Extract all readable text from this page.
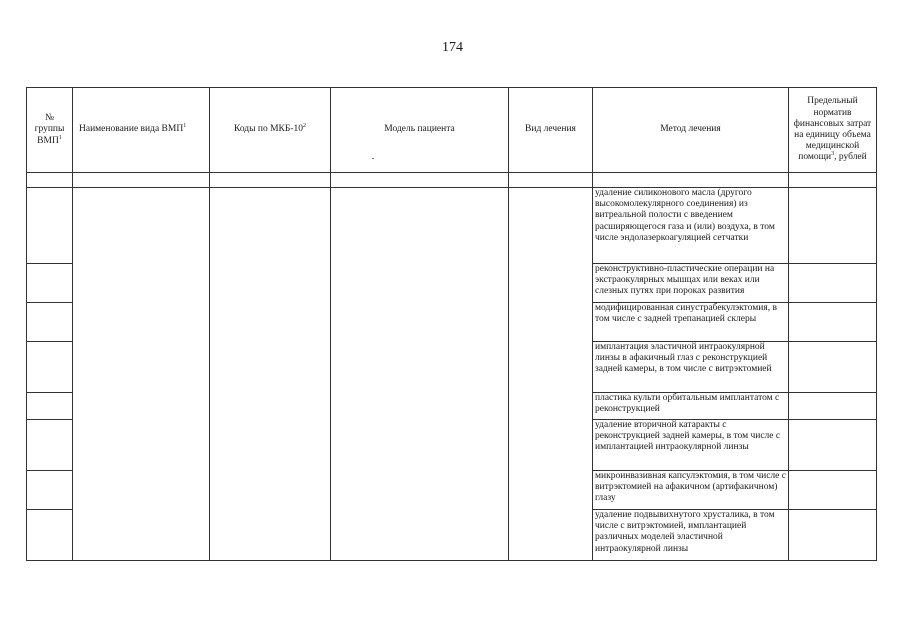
174
№ группы ВМП$^1$	Наименование вида ВМП$^1$	Коды по МКБ-$10^2$	Модель пациента	Вид лечения	Метод лечения	Предельный норматив финансовых затрат на единицу объема медицинской помощи$^3$, рублей

					удаление силиконового масла (другого высокомолекулярного соединения) из витреальной полости с введением расширяющегося газа и (или) воздуха, в том числе эндолазеркоагуляцией сетчатки	
					реконструктивно-пластические операции на экстраокулярных мышцах или веках или слезных путях при пороках развития	
					модифицированная синустрабекулэктомия, в том числе с задней трепанацией склеры	
					имплантация эластичной интраокулярной линзы в афакичный глаз с реконструкцией задней камеры, в том числе с витрэктомией	
					пластика культи орбитальным имплантатом с реконструкцией	
					удаление вторичной катаракты с реконструкцией задней камеры, в том числе с имплантацией интраокулярной линзы	
					микроинвазивная капсулэктомия, в том числе с витрэктомией на афакичном (артифакичном) глазу	
					удаление подвывихнутого хрусталика, в том числе с витрэктомией, имплантацией различных моделей эластичной интраокулярной линзы	
